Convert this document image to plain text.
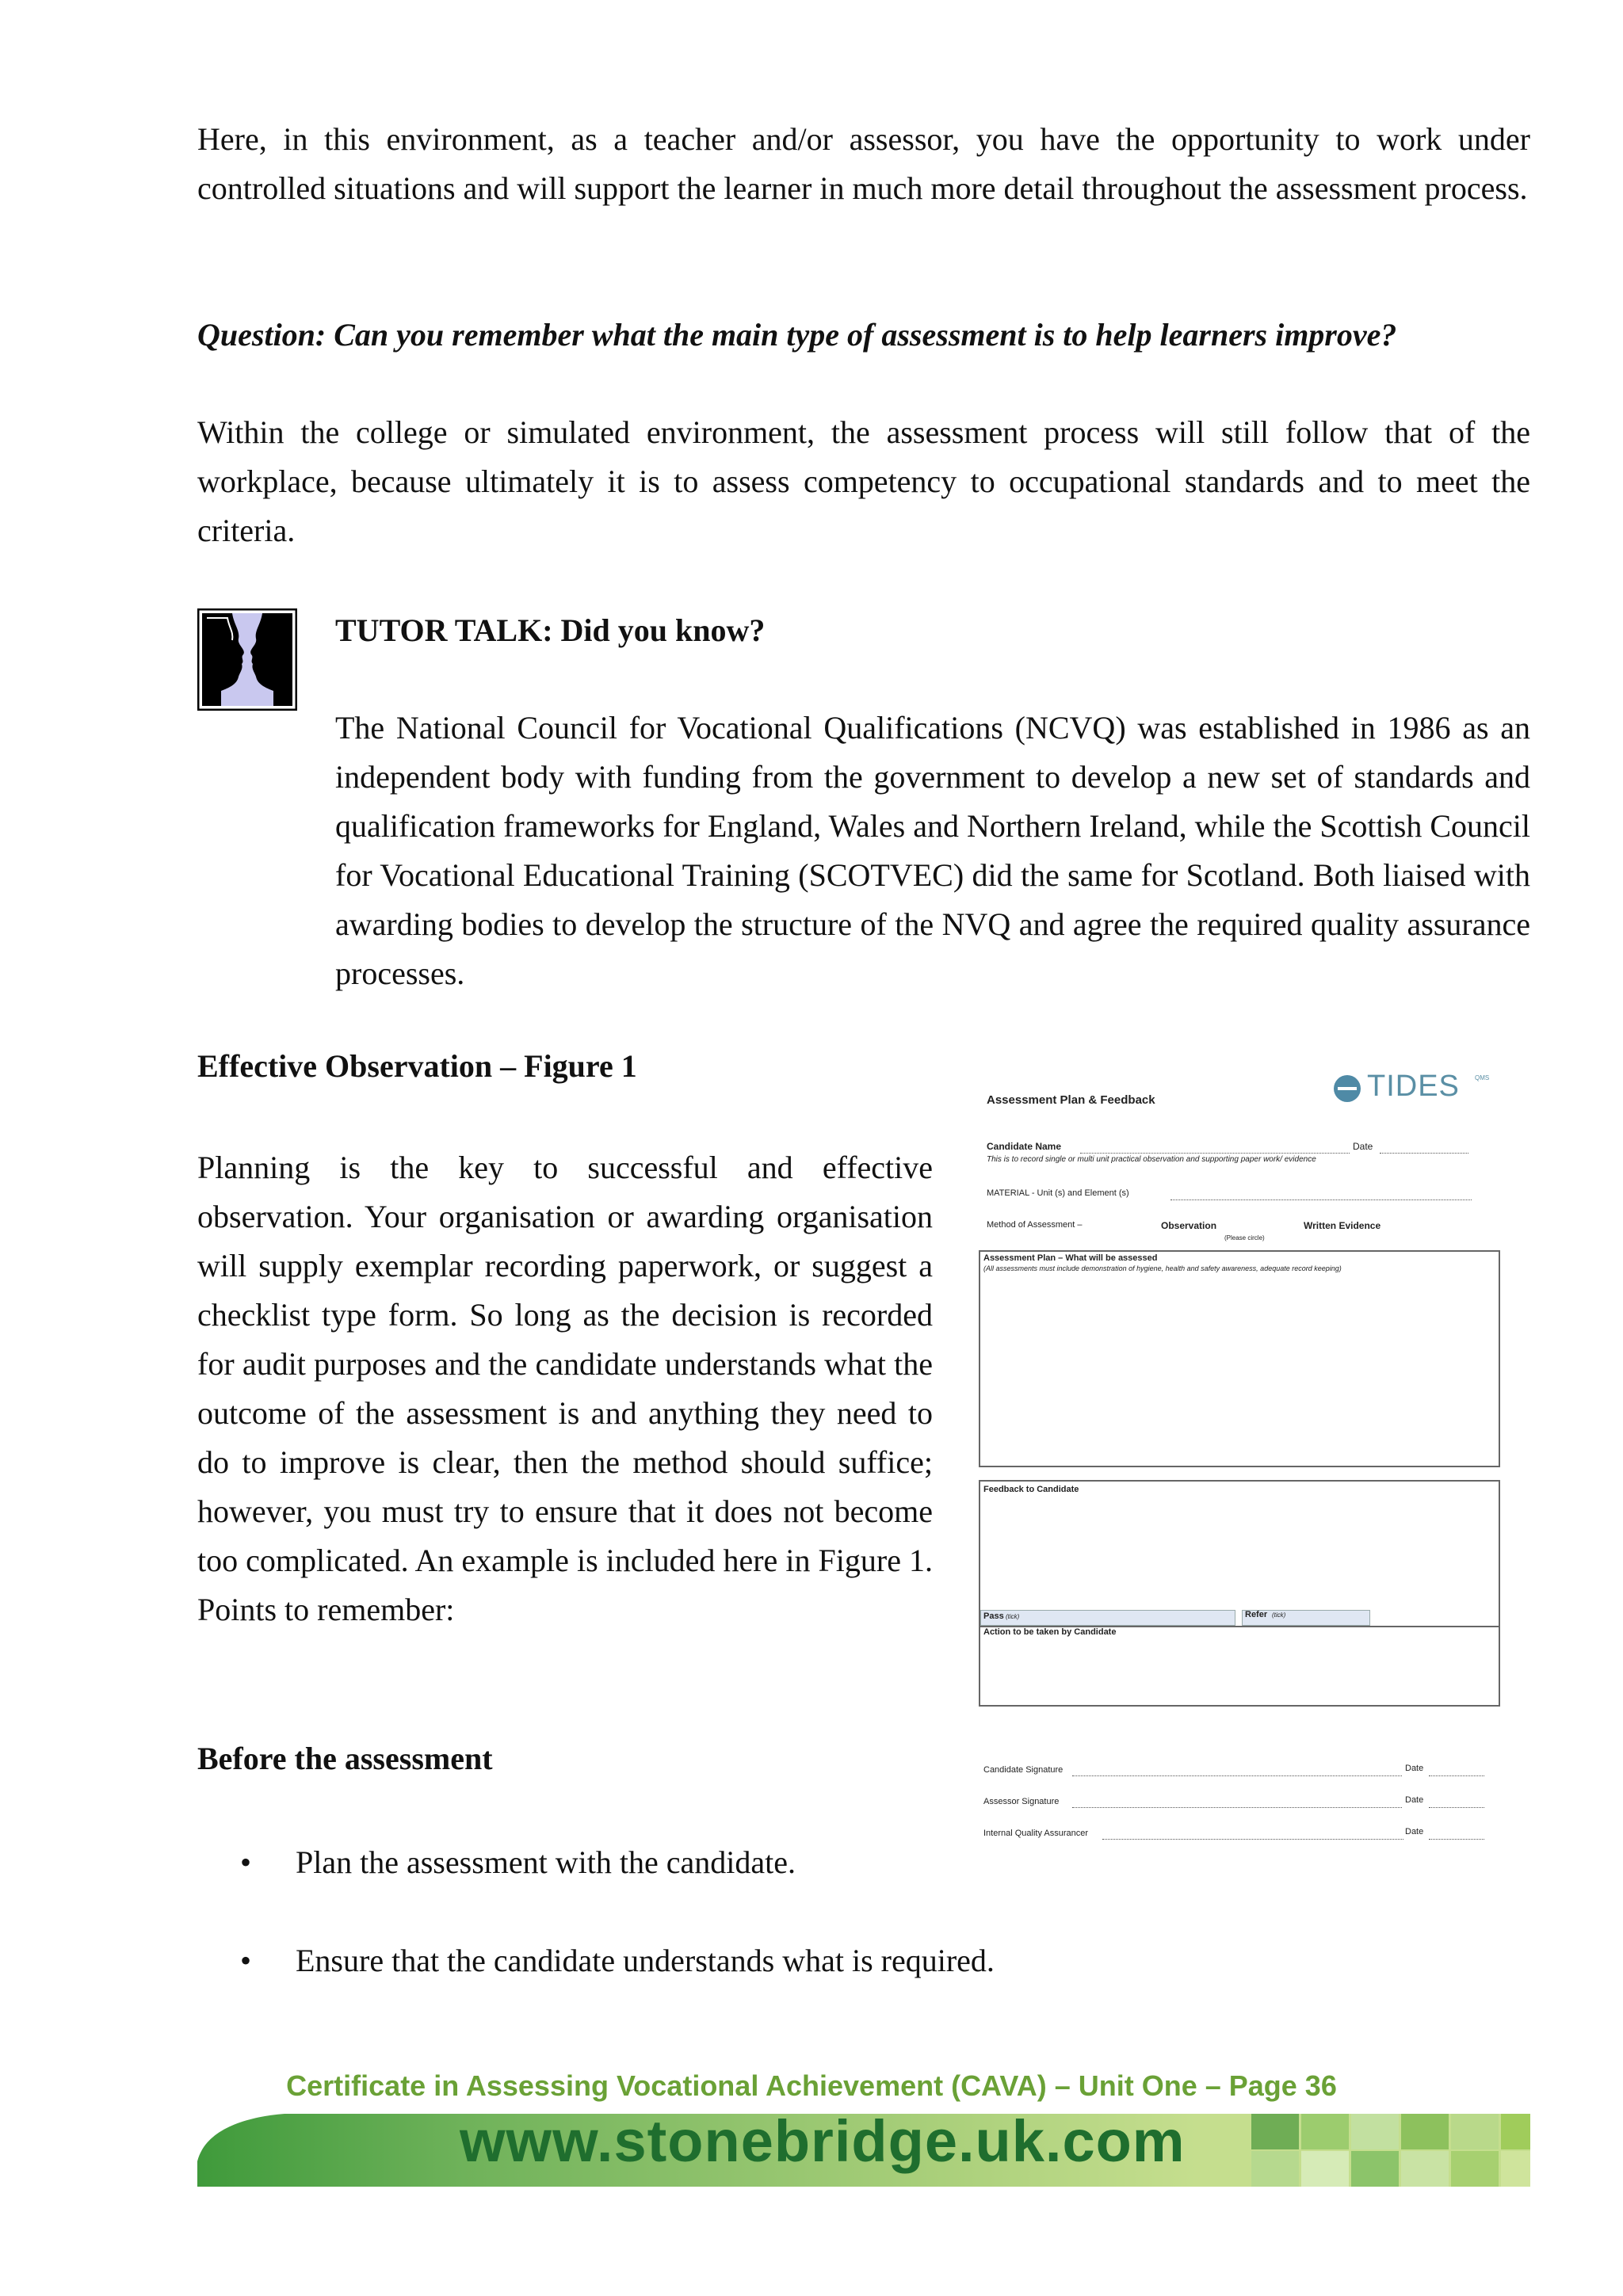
Here, in this environment, as a teacher and/or assessor, you have the opportunity to work under controlled situations and will support the learner in much more detail throughout the assessment process.

Question: Can you remember what the main type of assessment is to help learners improve?

Within the college or simulated environment, the assessment process will still follow that of the workplace, because ultimately it is to assess competency to occupational standards and to meet the criteria.

TUTOR TALK: Did you know?

The National Council for Vocational Qualifications (NCVQ) was established in 1986 as an independent body with funding from the government to develop a new set of standards and qualification frameworks for England, Wales and Northern Ireland, while the Scottish Council for Vocational Educational Training (SCOTVEC) did the same for Scotland. Both liaised with awarding bodies to develop the structure of the NVQ and agree the required quality assurance processes.

Effective Observation – Figure 1

Planning is the key to successful and effective observation. Your organisation or awarding organisation will supply exemplar recording paperwork, or suggest a checklist type form. So long as the decision is recorded for audit purposes and the candidate understands what the outcome of the assessment is and anything they need to do to improve is clear, then the method should suffice; however, you must try to ensure that it does not become too complicated. An example is included here in Figure 1. Points to remember:

Before the assessment

• Plan the assessment with the candidate.

• Ensure that the candidate understands what is required.

Assessment Plan & Feedback	TIDES QMS
Candidate Name	Date
This is to record single or multi unit practical observation and supporting paper work/ evidence
MATERIAL - Unit (s) and Element (s)
Method of Assessment –	Observation	Written Evidence
(Please circle)
Assessment Plan – What will be assessed
(All assessments must include demonstration of hygiene, health and safety awareness, adequate record keeping)
Feedback to Candidate
Pass (tick)	Refer (tick)
Action to be taken by Candidate
Candidate Signature	Date
Assessor Signature	Date
Internal Quality Assurancer	Date
Certificate in Assessing Vocational Achievement (CAVA) – Unit One – Page 36
www.stonebridge.uk.com
